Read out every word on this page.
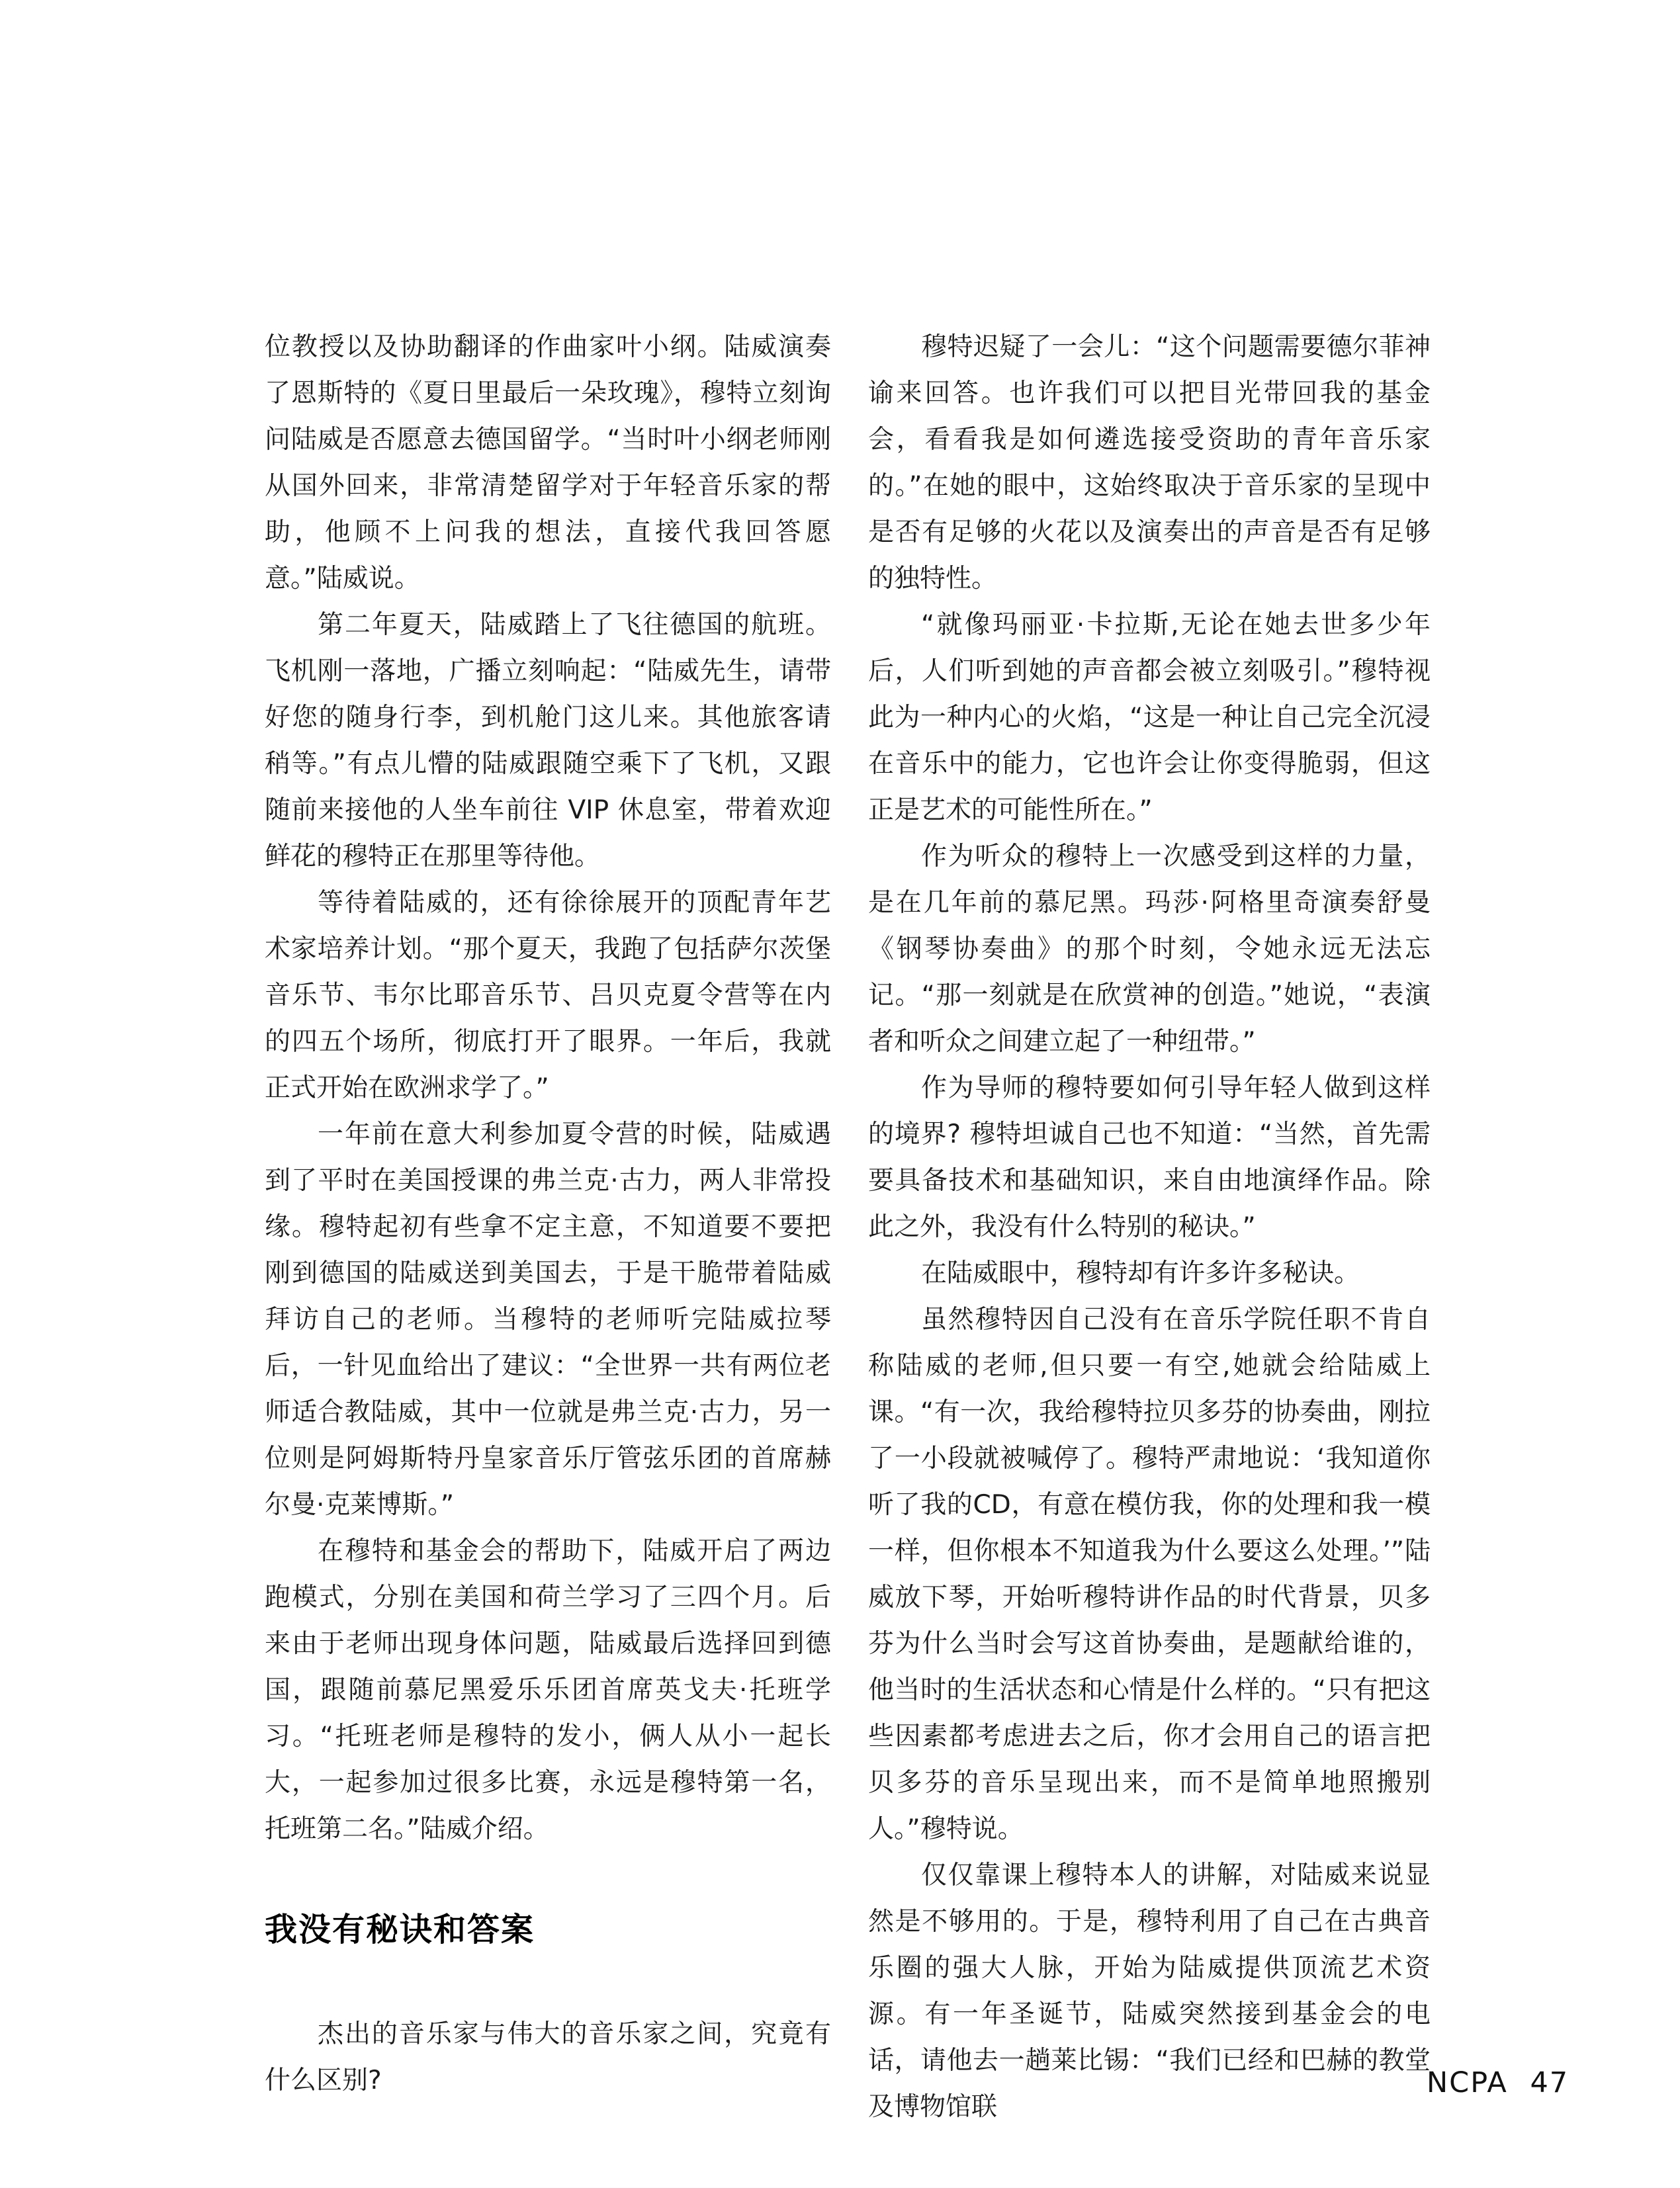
位教授以及协助翻译的作曲家叶小纲。陆威演奏了恩斯特的《夏日里最后一朵玫瑰》，穆特立刻询问陆威是否愿意去德国留学。“当时叶小纲老师刚从国外回来，非常清楚留学对于年轻音乐家的帮助，他顾不上问我的想法，直接代我回答愿意。”陆威说。

第二年夏天，陆威踏上了飞往德国的航班。飞机刚一落地，广播立刻响起：“陆威先生，请带好您的随身行李，到机舱门这儿来。其他旅客请稍等。”有点儿懵的陆威跟随空乘下了飞机，又跟随前来接他的人坐车前往 VIP 休息室，带着欢迎鲜花的穆特正在那里等待他。

等待着陆威的，还有徐徐展开的顶配青年艺术家培养计划。“那个夏天，我跑了包括萨尔茨堡音乐节、韦尔比耶音乐节、吕贝克夏令营等在内的四五个场所，彻底打开了眼界。一年后，我就正式开始在欧洲求学了。”

一年前在意大利参加夏令营的时候，陆威遇到了平时在美国授课的弗兰克·古力，两人非常投缘。穆特起初有些拿不定主意，不知道要不要把刚到德国的陆威送到美国去，于是干脆带着陆威拜访自己的老师。当穆特的老师听完陆威拉琴后，一针见血给出了建议：“全世界一共有两位老师适合教陆威，其中一位就是弗兰克·古力，另一位则是阿姆斯特丹皇家音乐厅管弦乐团的首席赫尔曼·克莱博斯。”

在穆特和基金会的帮助下，陆威开启了两边跑模式，分别在美国和荷兰学习了三四个月。后来由于老师出现身体问题，陆威最后选择回到德国，跟随前慕尼黑爱乐乐团首席英戈夫·托班学习。“托班老师是穆特的发小，俩人从小一起长大，一起参加过很多比赛，永远是穆特第一名，托班第二名。”陆威介绍。

我没有秘诀和答案

杰出的音乐家与伟大的音乐家之间，究竟有什么区别?

穆特迟疑了一会儿：“这个问题需要德尔菲神谕来回答。也许我们可以把目光带回我的基金会，看看我是如何遴选接受资助的青年音乐家的。”在她的眼中，这始终取决于音乐家的呈现中是否有足够的火花以及演奏出的声音是否有足够的独特性。

“就像玛丽亚·卡拉斯,无论在她去世多少年后，人们听到她的声音都会被立刻吸引。”穆特视此为一种内心的火焰，“这是一种让自己完全沉浸在音乐中的能力，它也许会让你变得脆弱，但这正是艺术的可能性所在。”

作为听众的穆特上一次感受到这样的力量，是在几年前的慕尼黑。玛莎·阿格里奇演奏舒曼《钢琴协奏曲》的那个时刻，令她永远无法忘记。“那一刻就是在欣赏神的创造。”她说，“表演者和听众之间建立起了一种纽带。”

作为导师的穆特要如何引导年轻人做到这样的境界? 穆特坦诚自己也不知道：“当然，首先需要具备技术和基础知识，来自由地演绎作品。除此之外，我没有什么特别的秘诀。”

在陆威眼中，穆特却有许多许多秘诀。

虽然穆特因自己没有在音乐学院任职不肯自称陆威的老师,但只要一有空,她就会给陆威上课。“有一次，我给穆特拉贝多芬的协奏曲，刚拉了一小段就被喊停了。穆特严肃地说：‘我知道你听了我的CD，有意在模仿我，你的处理和我一模一样，但你根本不知道我为什么要这么处理。’”陆威放下琴，开始听穆特讲作品的时代背景，贝多芬为什么当时会写这首协奏曲，是题献给谁的，他当时的生活状态和心情是什么样的。“只有把这些因素都考虑进去之后，你才会用自己的语言把贝多芬的音乐呈现出来，而不是简单地照搬别人。”穆特说。

仅仅靠课上穆特本人的讲解，对陆威来说显然是不够用的。于是，穆特利用了自己在古典音乐圈的强大人脉，开始为陆威提供顶流艺术资源。有一年圣诞节，陆威突然接到基金会的电话，请他去一趟莱比锡：“我们已经和巴赫的教堂及博物馆联

NCPA 47
